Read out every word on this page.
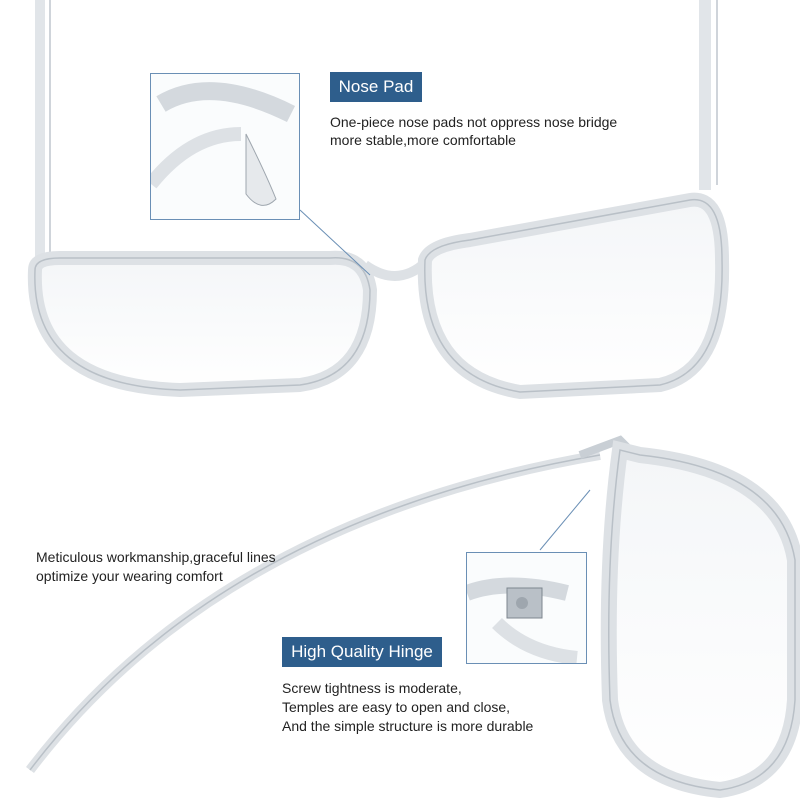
Nose Pad
One-piece nose pads not oppress nose bridge
more stable,more comfortable
Meticulous workmanship,graceful lines
optimize your wearing comfort
High Quality Hinge
Screw tightness is moderate,
Temples are easy to open and close,
And the simple structure is more durable
